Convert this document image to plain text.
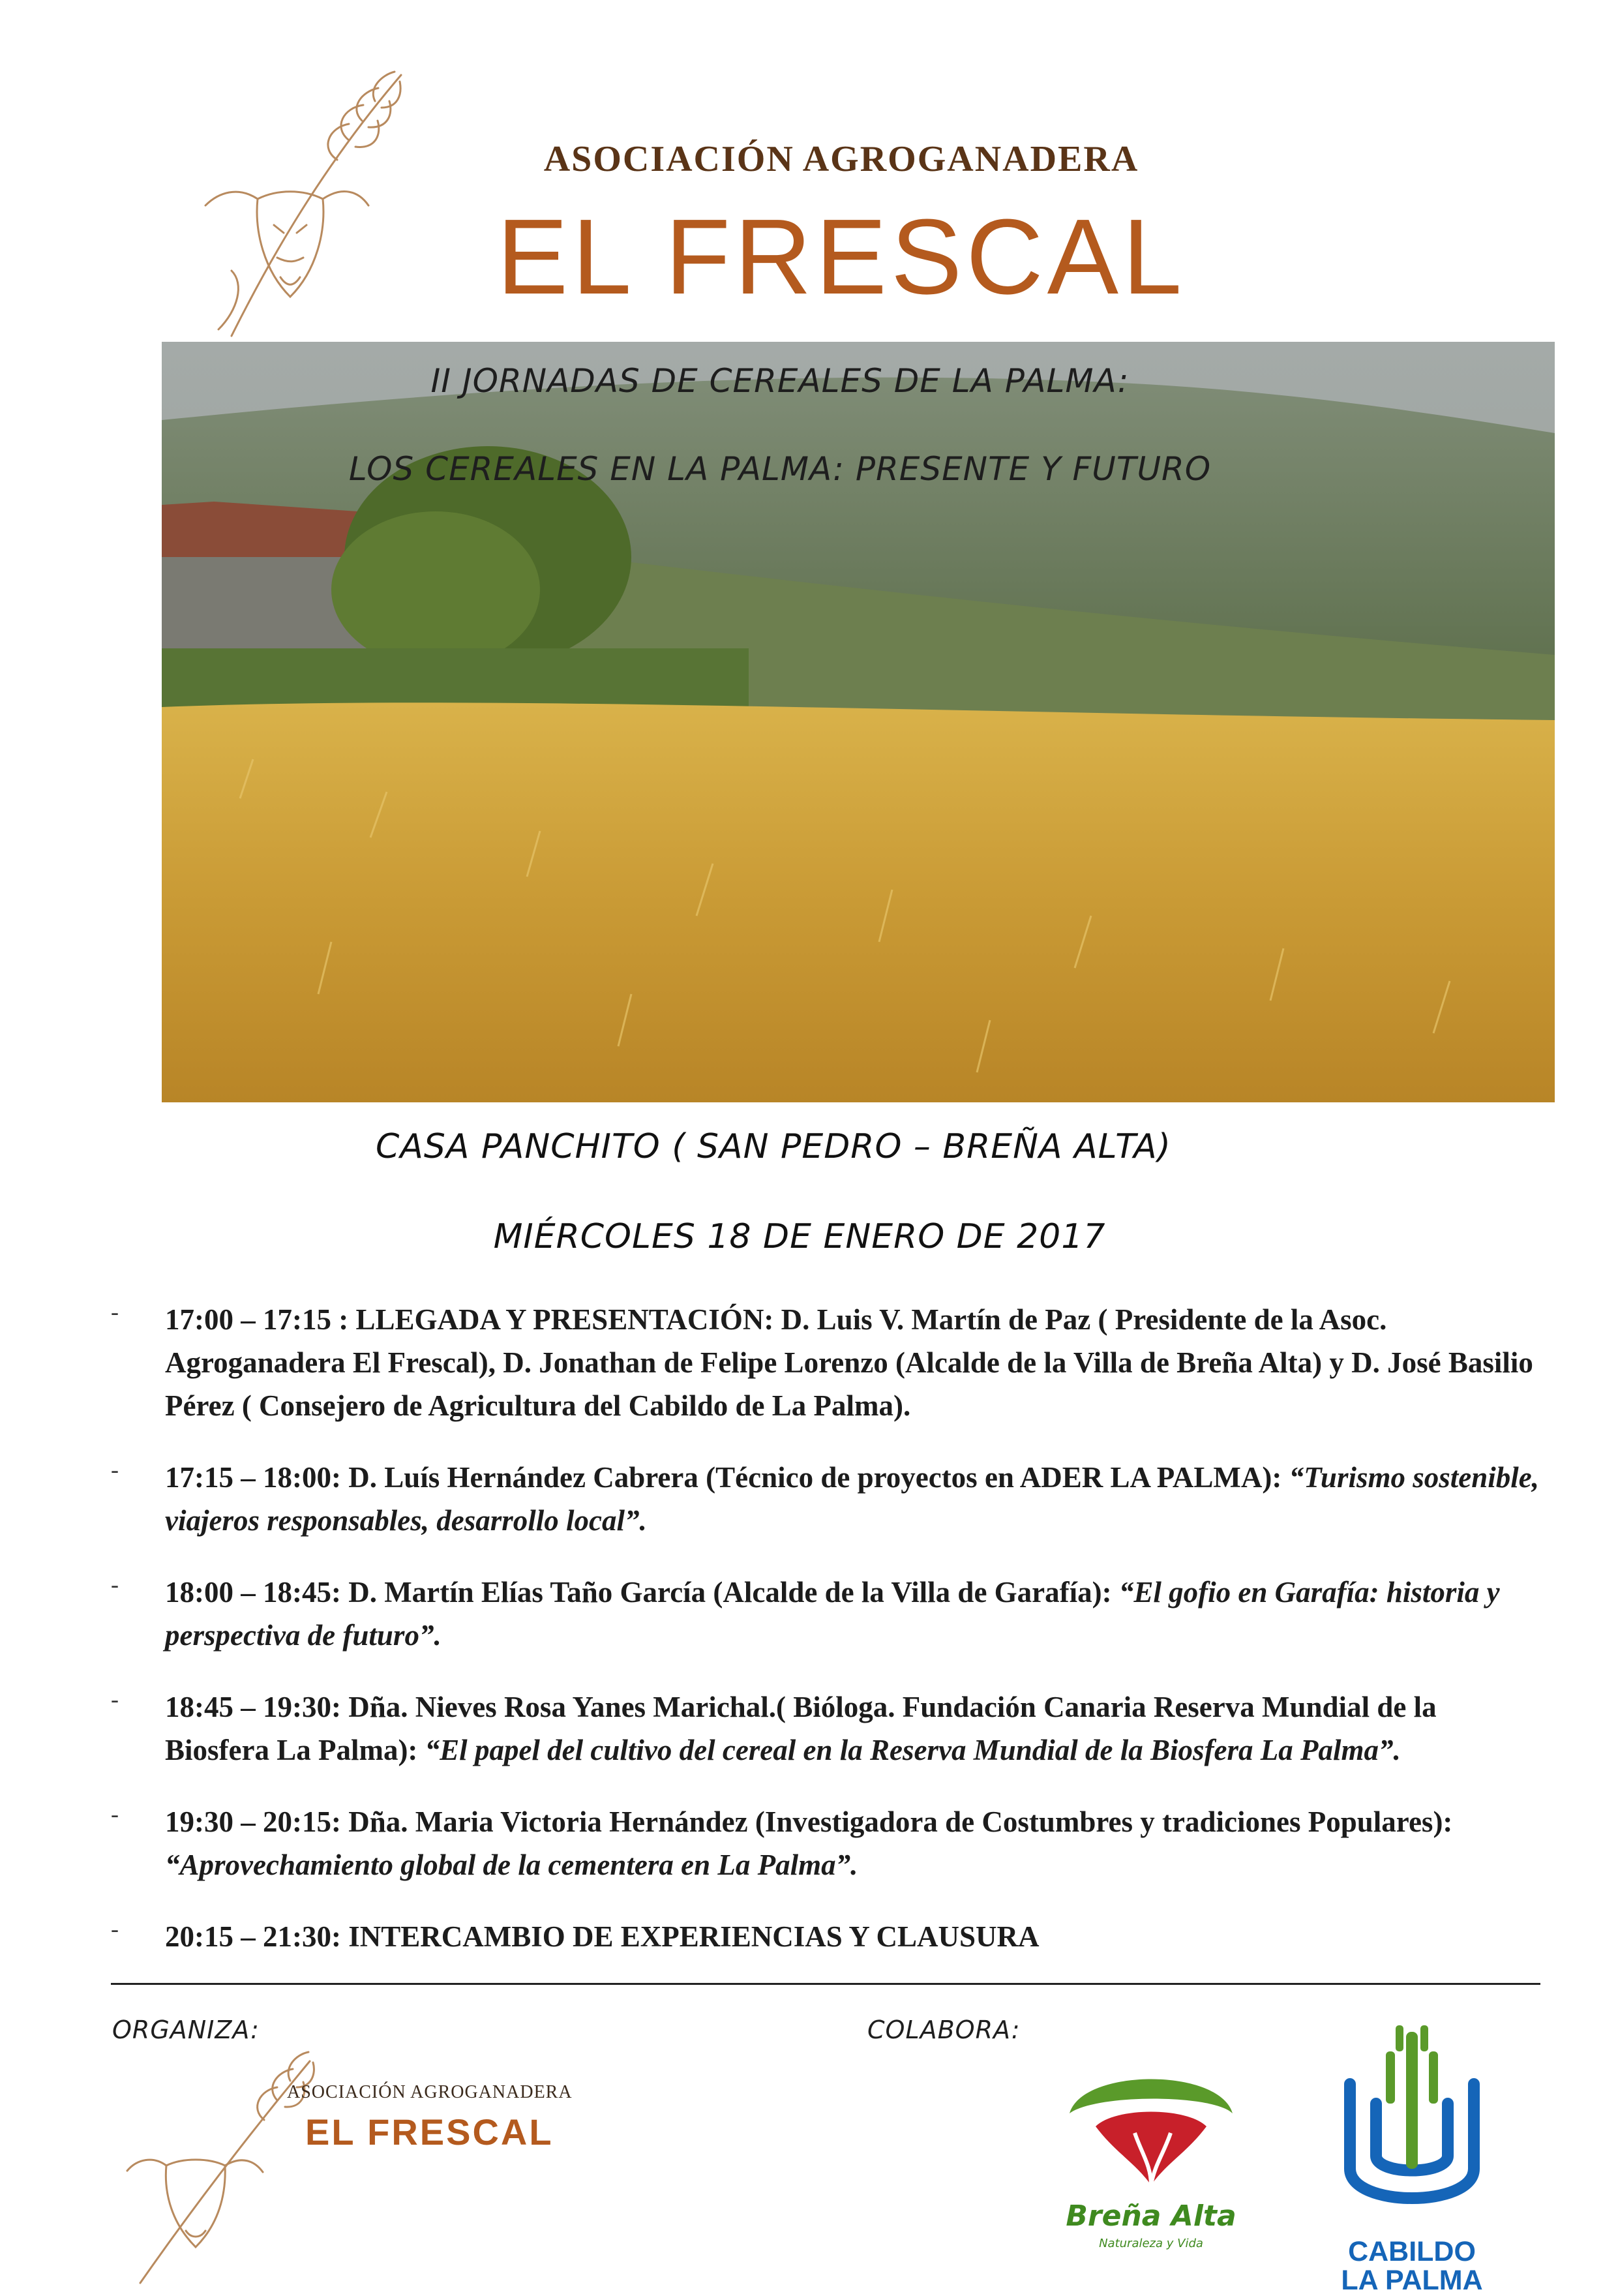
ASOCIACIÓN AGROGANADERA
EL FRESCAL
II JORNADAS DE CEREALES DE LA PALMA:
LOS CEREALES EN LA PALMA: PRESENTE Y FUTURO
CASA PANCHITO ( SAN PEDRO – BREÑA ALTA)
MIÉRCOLES 18 DE ENERO DE 2017
- 17:00 – 17:15 : LLEGADA Y PRESENTACIÓN: D. Luis V. Martín de Paz ( Presidente de la Asoc. Agroganadera El Frescal), D. Jonathan de Felipe Lorenzo (Alcalde de la Villa de Breña Alta) y D. José Basilio Pérez ( Consejero de Agricultura del Cabildo de La Palma).
- 17:15 – 18:00: D. Luís Hernández Cabrera (Técnico de proyectos en ADER LA PALMA): “Turismo sostenible, viajeros responsables, desarrollo local”.
- 18:00 – 18:45: D. Martín Elías Taño García (Alcalde de la Villa de Garafía): “El gofio en Garafía: historia y perspectiva de futuro”.
- 18:45 – 19:30: Dña. Nieves Rosa Yanes Marichal.( Bióloga. Fundación Canaria Reserva Mundial de la Biosfera La Palma): “El papel del cultivo del cereal en la Reserva Mundial de la Biosfera La Palma”.
- 19:30 – 20:15: Dña. Maria Victoria Hernández (Investigadora de Costumbres y tradiciones Populares): “Aprovechamiento global de la cementera en La Palma”.
- 20:15 – 21:30: INTERCAMBIO DE EXPERIENCIAS Y CLAUSURA
ORGANIZA:	COLABORA:
ASOCIACIÓN AGROGANADERA
EL FRESCAL
Breña Alta
Naturaleza y Vida	CABILDO
LA PALMA
